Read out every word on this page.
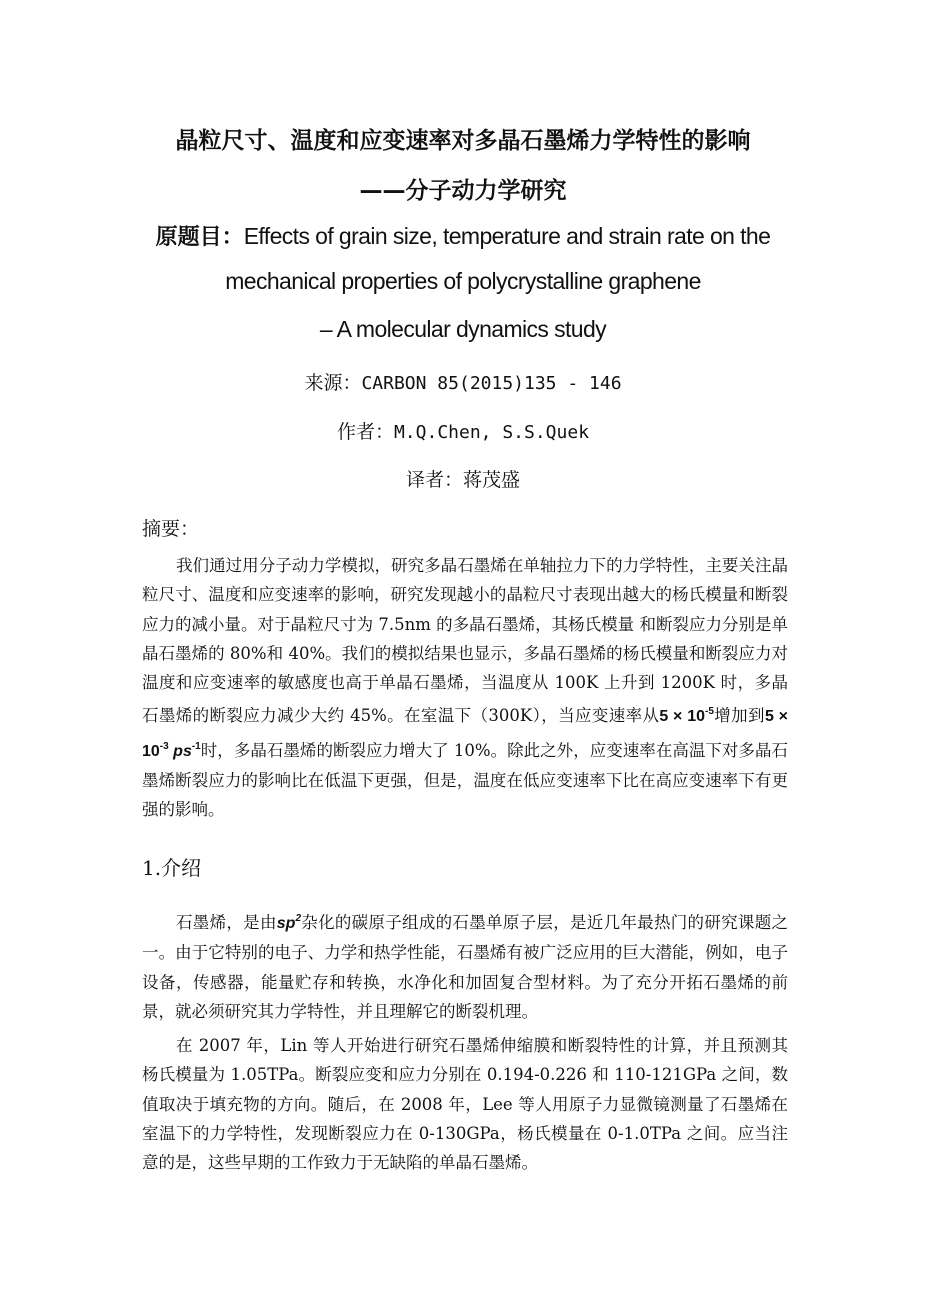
晶粒尺寸、温度和应变速率对多晶石墨烯力学特性的影响
——分子动力学研究
原题目：Effects of grain size, temperature and strain rate on the
mechanical properties of polycrystalline graphene
– A molecular dynamics study
来源：CARBON 85(2015)135 - 146
作者：M.Q.Chen, S.S.Quek
译者：蒋茂盛
摘要：
我们通过用分子动力学模拟，研究多晶石墨烯在单轴拉力下的力学特性，主要关注晶粒尺寸、温度和应变速率的影响，研究发现越小的晶粒尺寸表现出越大的杨氏模量和断裂应力的减小量。对于晶粒尺寸为 7.5nm 的多晶石墨烯，其杨氏模量 和断裂应力分别是单晶石墨烯的 80%和 40%。我们的模拟结果也显示，多晶石墨烯的杨氏模量和断裂应力对温度和应变速率的敏感度也高于单晶石墨烯，当温度从 100K 上升到 1200K 时，多晶石墨烯的断裂应力减少大约 45%。在室温下（300K），当应变速率从$5 \times 10^{-5}$增加到$5 \times 10^{-3}$ $ps^{-1}$时，多晶石墨烯的断裂应力增大了 10%。除此之外，应变速率在高温下对多晶石墨烯断裂应力的影响比在低温下更强，但是，温度在低应变速率下比在高应变速率下有更强的影响。
1.介绍
石墨烯，是由$sp^2$杂化的碳原子组成的石墨单原子层，是近几年最热门的研究课题之一。由于它特别的电子、力学和热学性能，石墨烯有被广泛应用的巨大潜能，例如，电子设备，传感器，能量贮存和转换，水净化和加固复合型材料。为了充分开拓石墨烯的前景，就必须研究其力学特性，并且理解它的断裂机理。
在 2007 年，Lin 等人开始进行研究石墨烯伸缩膜和断裂特性的计算，并且预测其杨氏模量为 1.05TPa。断裂应变和应力分别在 0.194-0.226 和 110-121GPa 之间，数值取决于填充物的方向。随后，在 2008 年，Lee 等人用原子力显微镜测量了石墨烯在室温下的力学特性，发现断裂应力在 0-130GPa，杨氏模量在 0-1.0TPa 之间。应当注意的是，这些早期的工作致力于无缺陷的单晶石墨烯。
